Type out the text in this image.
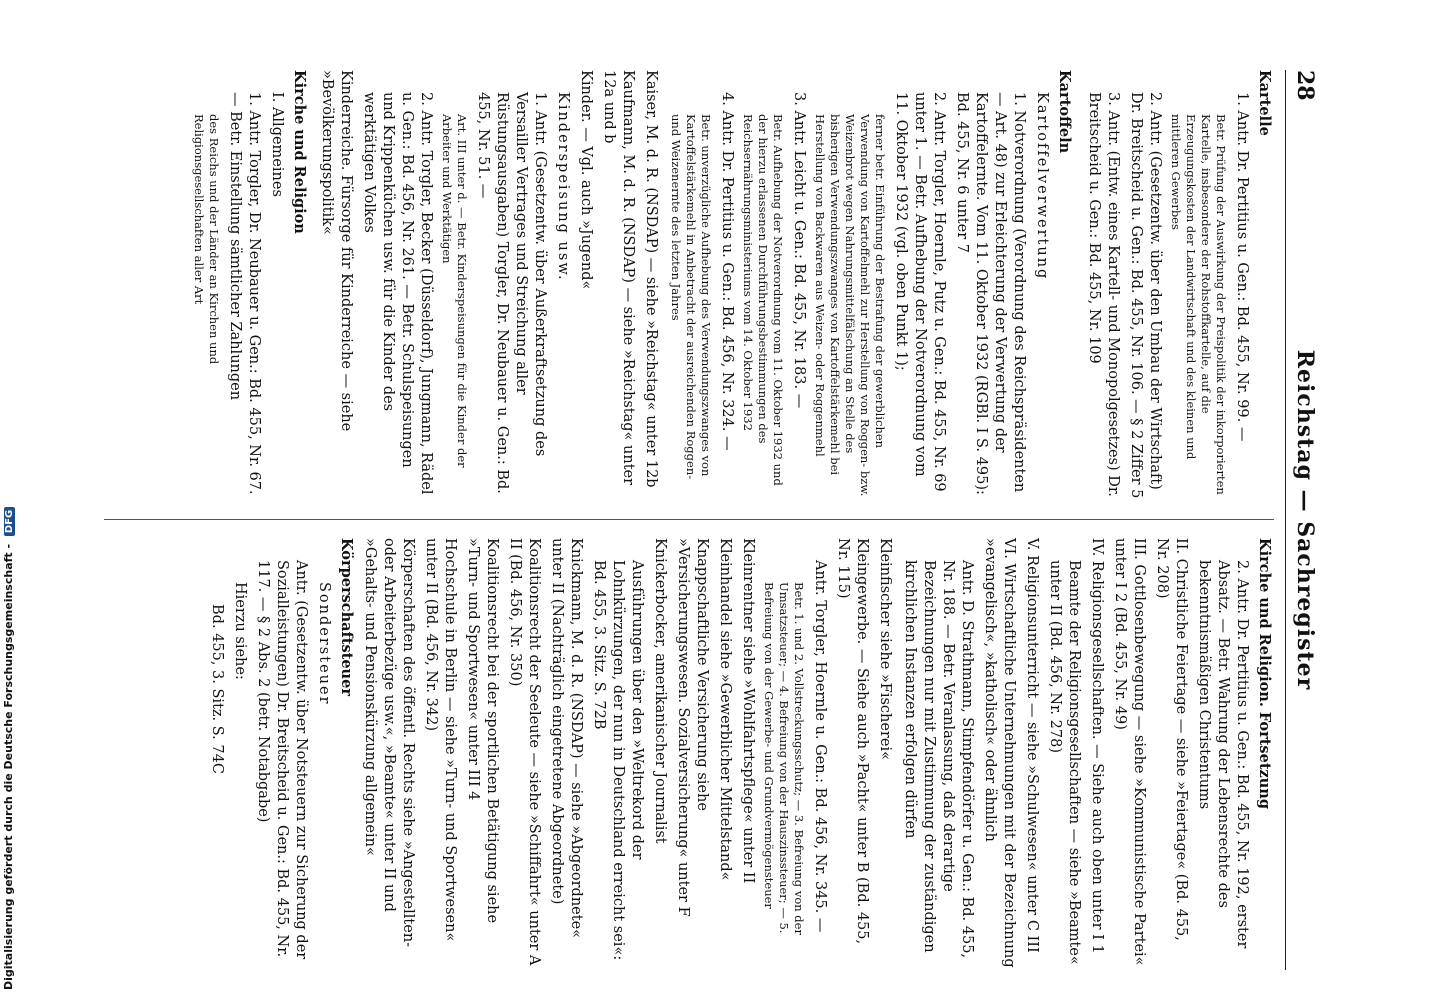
28
Reichstag — Sachregister
Kartelle
1. Antr. Dr. Pertitius u. Gen.: Bd. 455, Nr. 99. —
Betr. Prüfung der Auswirkung der Preispolitik der inkorporierten Kartelle, insbesondere der Rohstoffkartelle, auf die Erzeugungskosten der Landwirtschaft und des kleinen und mittleren Gewerbes
2. Antr. (Gesetzentw. über den Umbau der Wirtschaft) Dr. Breitscheid u. Gen.: Bd. 455, Nr. 106. — § 2 Ziffer 5
3. Antr. (Entw. eines Kartell- und Monopolgesetzes) Dr. Breitscheid u. Gen.: Bd. 455, Nr. 109
Kartoffeln
Kartoffelverwertung
1. Notverordnung (Verordnung des Reichspräsidenten — Art. 48) zur Erleichterung der Verwertung der Kartoffelernte. Vom 11. Oktober 1932 (RGBl. I S. 495): Bd. 455, Nr. 6 unter 7
2. Antr. Torgler, Hoernle, Putz u. Gen.: Bd. 455, Nr. 69 unter 1. — Betr. Aufhebung der Notverordnung vom 11. Oktober 1932 (vgl. oben Punkt 1);
ferner betr. Einführung der Bestrafung der gewerblichen Verwendung von Kartoffelmehl zur Herstellung von Roggen- bzw. Weizenbrot wegen Nahrungsmittelfälschung an Stelle des bisherigen Verwendungszwanges von Kartoffelstärkemehl bei Herstellung von Backwaren aus Weizen- oder Roggenmehl
3. Antr. Leicht u. Gen.: Bd. 455, Nr. 183. —
Betr. Aufhebung der Notverordnung vom 11. Oktober 1932 und der hierzu erlassenen Durchführungsbestimmungen des Reichsernährungsministeriums vom 14. Oktober 1932
4. Antr. Dr. Pertitius u. Gen.: Bd. 456, Nr. 324. —
Betr. unverzügliche Aufhebung des Verwendungszwanges von Kartoffelstärkemehl in Anbetracht der ausreichenden Roggen- und Weizenernte des letzten Jahres
Kaiser, M. d. R. (NSDAP) — siehe »Reichstag« unter 12b
Kaufmann, M. d. R. (NSDAP) — siehe »Reichstag« unter 12a und b
Kinder. — Vgl. auch »Jugend«
Kinderspeisung usw.
1. Antr. (Gesetzentw. über Außerkraftsetzung des Versailler Vertrages und Streichung aller Rüstungsausgaben) Torgler, Dr. Neubauer u. Gen.: Bd. 455, Nr. 51. —
Art. III unter d. — Betr. Kinderspeisungen für die Kinder der Arbeiter und Werktätigen
2. Antr. Torgler, Becker (Düsseldorf), Jungmann, Rädel u. Gen.: Bd. 456, Nr. 261. — Betr. Schulspeisungen und Krippenküchen usw. für die Kinder des werktätigen Volkes
Kinderreiche. Fürsorge für Kinderreiche — siehe »Bevölkerungspolitik«
Kirche und Religion
I. Allgemeines
1. Antr. Torgler, Dr. Neubauer u. Gen.: Bd. 455, Nr. 67. — Betr. Einstellung sämtlicher Zahlungen
des Reichs und der Länder an Kirchen und Religionsgesellschaften aller Art
Kirche und Religion. Fortsetzung
2. Antr. Dr. Pertitius u. Gen.: Bd. 455, Nr. 192, erster Absatz. — Betr. Wahrung der Lebensrechte des bekenntnismäßigen Christentums
II. Christliche Feiertage — siehe »Feiertage« (Bd. 455, Nr. 208)
III. Gottlosenbewegung — siehe »Kommunistische Partei« unter I 2 (Bd. 455, Nr. 49)
IV. Religionsgesellschaften. — Siehe auch oben unter I 1
Beamte der Religionsgesellschaften — siehe »Beamte« unter II (Bd. 456, Nr. 278)
V. Religionsunterricht — siehe »Schulwesen« unter C III
VI. Wirtschaftliche Unternehmungen mit der Bezeichnung »evangelisch«, »katholisch« oder ähnlich
Antr. D. Strathmann, Stimpfendörfer u. Gen.: Bd. 455, Nr. 188. — Betr. Veranlassung, daß derartige Bezeichnungen nur mit Zustimmung der zuständigen kirchlichen Instanzen erfolgen dürfen
Kleinfischer siehe »Fischerei«
Kleingewerbe. — Siehe auch »Pacht« unter B (Bd. 455, Nr. 115)
Antr. Torgler, Hoernle u. Gen.: Bd. 456, Nr. 345. —
Betr. 1. und 2. Vollstreckungsschutz; — 3. Befreiung von der Umsatzsteuer; — 4. Befreiung von der Hauszinssteuer; — 5. Befreiung von der Gewerbe- und Grundvermögensteuer
Kleinrentner siehe »Wohlfahrtspflege« unter II
Kleinhandel siehe »Gewerblicher Mittelstand«
Knappschaftliche Versicherung siehe »Versicherungswesen. Sozialversicherung« unter F
Knickerbocker, amerikanischer Journalist
Ausführungen über den »Weltrekord der Lohnkürzungen, der nun in Deutschland erreicht sei«: Bd. 455, 3. Sitz. S. 72B
Knickmann, M. d. R. (NSDAP) — siehe »Abgeordnete« unter II (Nachträglich eingetretene Abgeordnete)
Koalitionsrecht der Seeleute — siehe »Schiffahrt« unter A II (Bd. 456, Nr. 350)
Koalitionsrecht bei der sportlichen Betätigung siehe »Turn- und Sportwesen« unter III 4
Hochschule in Berlin — siehe »Turn- und Sportwesen« unter II (Bd. 456, Nr. 342)
Körperschaften des öffentl. Rechts siehe »Angestellten- oder Arbeiterbezüge usw.«, »Beamte« unter II und »Gehalts- und Pensionskürzung allgemein«
Körperschaftsteuer
Sondersteuer
Antr. (Gesetzentw. über Notsteuern zur Sicherung der Sozialleistungen) Dr. Breitscheid u. Gen.: Bd. 455, Nr. 117. — § 2 Abs. 2 (betr. Notabgabe)
Hierzu siehe:
Bd. 455, 3. Sitz. S. 74C
Digitalisierung gefördert durch die Deutsche Forschungsgemeinschaft - DFG
